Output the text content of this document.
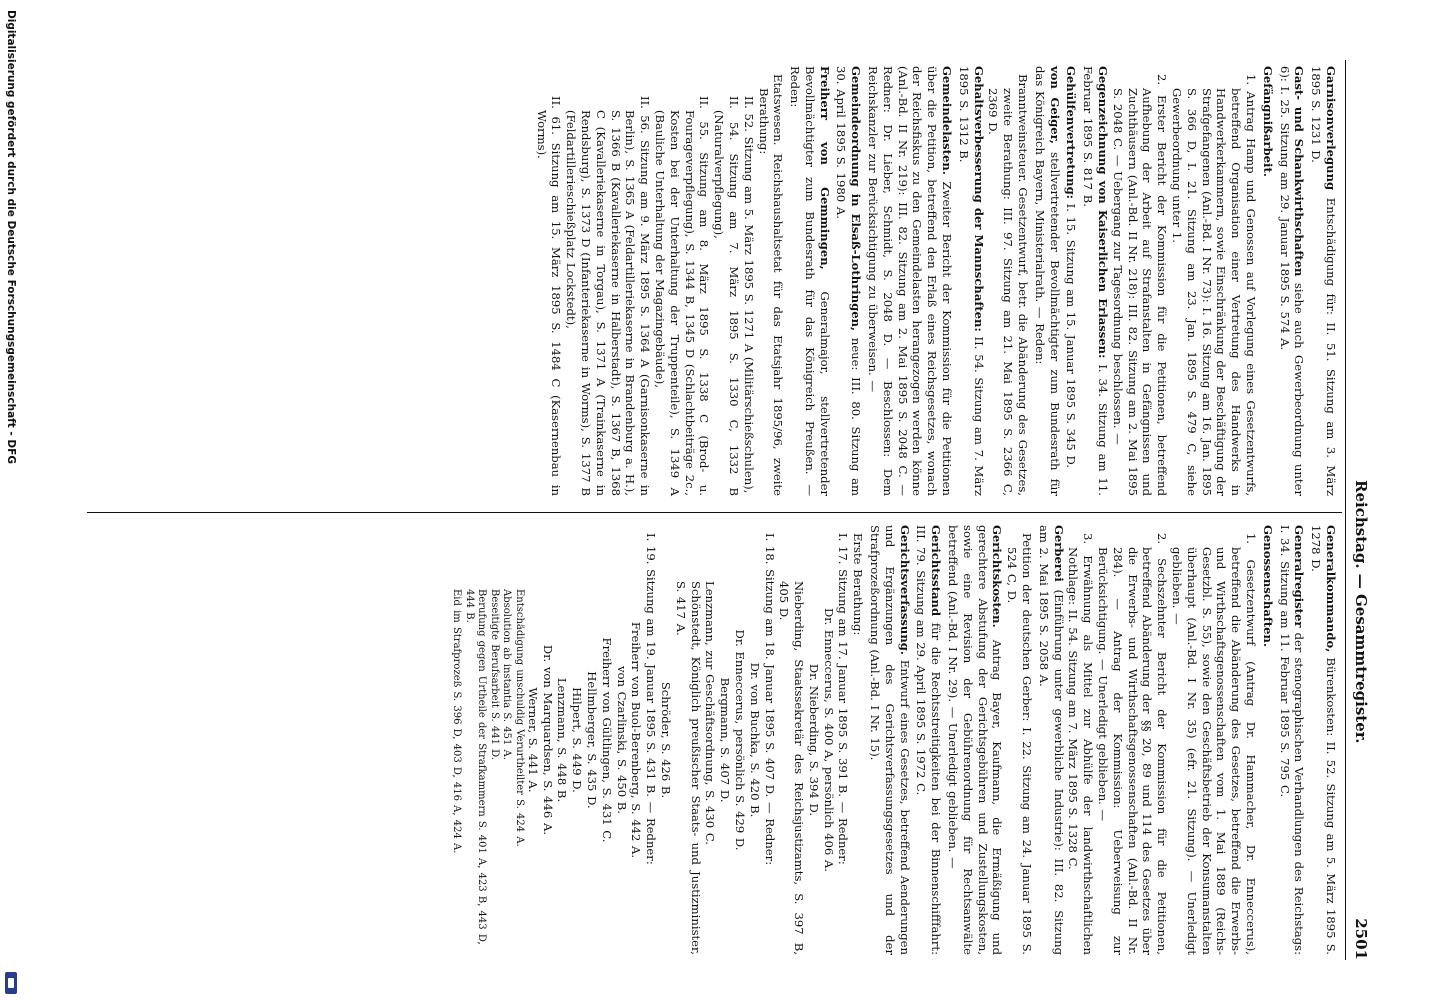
Reichstag. — Gesammtregister.
2501

Garnisonverlegung Entschädigung für: II. 51. Sitzung am 3. März 1895 S. 1231 D.

Gast- und Schankwirthschaften siehe auch Gewerbeordnung unter 6): I. 25. Sitzung am 29. Januar 1895 S. 574 A.

Gefängnißarbeit.

1. Antrag Hamp und Genossen auf Vorlegung eines Gesetzentwurfs, betreffend Organisation einer Vertretung des Handwerks in Handwerkerkammern, sowie Einschränkung der Beschäftigung der Strafgefangenen (Anl.-Bd. I Nr. 73): I. 16. Sitzung am 16. Jan. 1895 S. 366 D, I. 21. Sitzung am 23. Jan. 1895 S. 479 C, siehe Gewerbeordnung unter 1.

2. Erster Bericht der Kommission für die Petitionen, betreffend Aufhebung der Arbeit auf Strafanstalten in Gefängnissen und Zuchthäusern (Anl.-Bd. II Nr. 218): III. 82. Sitzung am 2. Mai 1895 S. 2048 C. — Uebergang zur Tagesordnung beschlossen. —

Gegenzeichnung von Kaiserlichen Erlassen: I. 34. Sitzung am 11. Februar 1895 S. 817 B.

Gehülfenvertretung: I. 15. Sitzung am 15. Januar 1895 S. 345 D.

von Geiger, stellvertretender Bevollmächtigter zum Bundesrath für das Königreich Bayern, Ministerialrath. — Reden:

Branntweinsteuer. Gesetzentwurf, betr. die Abänderung des Gesetzes, zweite Berathung: III. 97. Sitzung am 21. Mai 1895 S. 2366 C, 2369 D.

Gehaltsverbesserung der Mannschaften: II. 54. Sitzung am 7. März 1895 S. 1312 B.

Gemeindelasten. Zweiter Bericht der Kommission für die Petitionen über die Petition, betreffend den Erlaß eines Reichsgesetzes, wonach der Reichsfiskus zu den Gemeindelasten herangezogen werden könne (Anl.-Bd. II Nr. 219): III. 82. Sitzung am 2. Mai 1895 S. 2048 C. — Redner: Dr. Lieber, Schmidt, S. 2048 D. — Beschlossen: Dem Reichskanzler zur Berücksichtigung zu überweisen. —

Gemeindeordnung in Elsaß-Lothringen, neue: III. 80. Sitzung am 30. April 1895 S. 1980 A.

Freiherr von Gemmingen, Generalmajor, stellvertretender Bevollmächtigter zum Bundesrath für das Königreich Preußen. — Reden:

Etatswesen. Reichshaushaltsetat für das Etatsjahr 1895/96, zweite Berathung:

II. 52. Sitzung am 5. März 1895 S. 1271 A (Militärschießschulen),

II. 54. Sitzung am 7. März 1895 S. 1330 C, 1332 B (Naturalverpflegung),

II. 55. Sitzung am 8. März 1895 S. 1338 C (Brod- u. Fourageverpflegung), S. 1344 B, 1345 D (Schlachtbeiträge 2c., Kosten bei der Unterhaltung der Truppenteile), S. 1349 A (Bauliche Unterhaltung der Magazingebäude),

II. 56. Sitzung am 9. März 1895 S. 1364 A (Garnisonkaserne in Berlin), S. 1365 A (Feldartilleriekaserne in Brandenburg a. H.), S. 1366 B (Kavalleriekaserne in Halberstadt), S. 1367 B, 1368 C (Kavalleriekaserne in Torgau), S. 1371 A (Trainkaserne in Rendsburg), S. 1373 D (Infanteriekaserne in Worms), S. 1377 B (Feldartillerieschießplatz Lockstedt),

II. 61. Sitzung am 15. März 1895 S. 1484 C (Kasernenbau in Worms).

Generalkommando, Bürenkosten: II. 52. Sitzung am 5. März 1895 S. 1278 D.

Generalregister der stenographischen Verhandlungen des Reichstags: I. 34. Sitzung am 11. Februar 1895 S. 795 C.

Genossenschaften.

1. Gesetzentwurf (Antrag Dr. Hammacher, Dr. Enneccerus), betreffend die Abänderung des Gesetzes, betreffend die Erwerbs- und Wirthschaftsgenossenschaften vom 1. Mai 1889 (Reichs-Gesetzbl. S. 55), sowie den Geschäftsbetrieb der Konsumanstalten überhaupt (Anl.-Bd. I Nr. 35) (efr. 21. Sitzung). — Unerledigt geblieben. —

2. Sechszehnter Bericht der Kommission für die Petitionen, betreffend Abänderung der §§ 20, 89 und 114 des Gesetzes über die Erwerbs- und Wirthschaftsgenossenschaften (Anl.-Bd. II Nr. 284). — Antrag der Kommission: Ueberweisung zur Berücksichtigung. — Unerledigt geblieben. —

3. Erwähnung als Mittel zur Abhülfe der landwirthschaftlichen Nothlage: II. 54. Sitzung am 7. März 1895 S. 1328 C.

Gerberei (Einführung unter gewerbliche Industrie): III. 82. Sitzung am 2. Mai 1895 S. 2058 A.

Petition der deutschen Gerber: I. 22. Sitzung am 24. Januar 1895 S. 524 C, D.

Gerichtskosten. Antrag Bayer, Kaufmann, die Ermäßigung und gerechtere Abstufung der Gerichtsgebühren und Zustellungskosten, sowie eine Revision der Gebührenordnung für Rechtsanwälte betreffend (Anl.-Bd. I Nr. 29). — Unerledigt geblieben. —

Gerichtsstand für die Rechtsstreitigkeiten bei der Binnenschifffahrt: III. 79. Sitzung am 29. April 1895 S. 1972 C.

Gerichtsverfassung. Entwurf eines Gesetzes, betreffend Aenderungen und Ergänzungen des Gerichtsverfassungsgesetzes und der Strafprozeßordnung (Anl.-Bd. I Nr. 15).

Erste Berathung:

I. 17. Sitzung am 17. Januar 1895 S. 391 B. — Redner:

Dr. Enneccerus, S. 400 A, persönlich 406 A.

Dr. Nieberding, S. 394 D.

Nieberding, Staatssekretär des Reichsjustizamts, S. 397 B, 405 D.

I. 18. Sitzung am 18. Januar 1895 S. 407 D. — Redner:

Dr. von Buchka, S. 420 B.

Dr. Enneccerus, persönlich S. 429 D.

Bergmann, S. 407 D.

Lenzmann, zur Geschäftsordnung, S. 430 C.

Schönstedt, Königlich preußischer Staats- und Justizminister, S. 417 A.

Schröder, S. 426 B.

I. 19. Sitzung am 19. Januar 1895 S. 431 B. — Redner:

Freiherr von Buol-Berenberg, S. 442 A.

von Czarlinski, S. 450 B.

Freiherr von Gültlingen, S. 431 C.

Hellmberger, S. 435 D.

Hilpert, S. 449 D.

Lenzmann, S. 448 B.

Dr. von Marquardsen, S. 446 A.

Werner, S. 441 A.

Entschädigung unschuldig Verurtheilter S. 424 A.

Absolution ab instantia S. 451 A.

Beseitigte Berufsarbeit S. 441 D.

Berufung gegen Urtheile der Strafkammern S. 401 A, 423 B, 443 D, 444 B.

Eid im Strafprozeß S. 396 D, 403 D, 416 A, 424 A.

Digitalisierung gefördert durch die Deutsche Forschungsgemeinschaft - DFG
